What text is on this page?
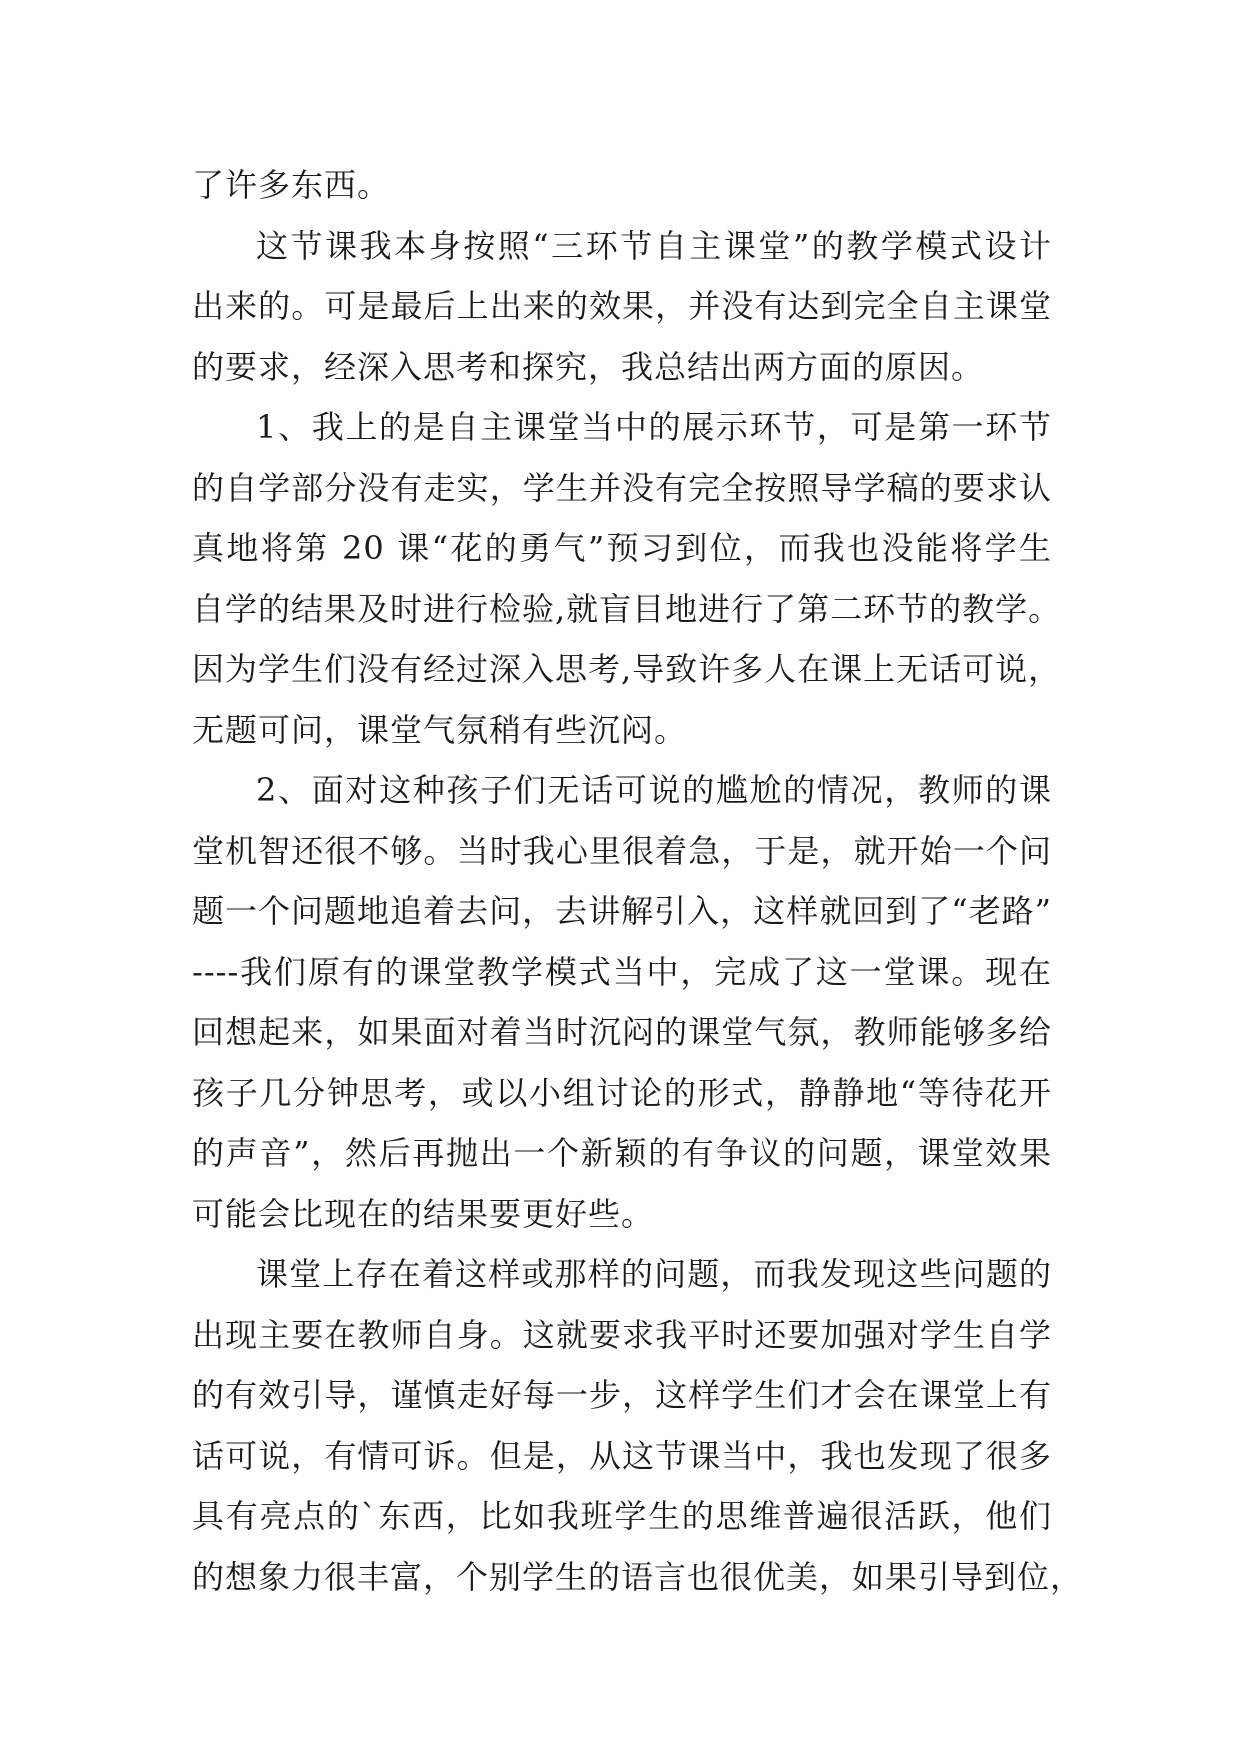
了许多东西。
这节课我本身按照“三环节自主课堂”的教学模式设计
出来的。可是最后上出来的效果，并没有达到完全自主课堂
的要求，经深入思考和探究，我总结出两方面的原因。
1、我上的是自主课堂当中的展示环节，可是第一环节
的自学部分没有走实，学生并没有完全按照导学稿的要求认
真地将第 20 课“花的勇气”预习到位，而我也没能将学生
自学的结果及时进行检验,就盲目地进行了第二环节的教学。
因为学生们没有经过深入思考,导致许多人在课上无话可说，
无题可问，课堂气氛稍有些沉闷。
2、面对这种孩子们无话可说的尴尬的情况，教师的课
堂机智还很不够。当时我心里很着急，于是，就开始一个问
题一个问题地追着去问，去讲解引入，这样就回到了“老路”
----我们原有的课堂教学模式当中，完成了这一堂课。现在
回想起来，如果面对着当时沉闷的课堂气氛，教师能够多给
孩子几分钟思考，或以小组讨论的形式，静静地“等待花开
的声音”，然后再抛出一个新颖的有争议的问题，课堂效果
可能会比现在的结果要更好些。
课堂上存在着这样或那样的问题，而我发现这些问题的
出现主要在教师自身。这就要求我平时还要加强对学生自学
的有效引导，谨慎走好每一步，这样学生们才会在课堂上有
话可说，有情可诉。但是，从这节课当中，我也发现了很多
具有亮点的`东西，比如我班学生的思维普遍很活跃，他们
的想象力很丰富，个别学生的语言也很优美，如果引导到位，
